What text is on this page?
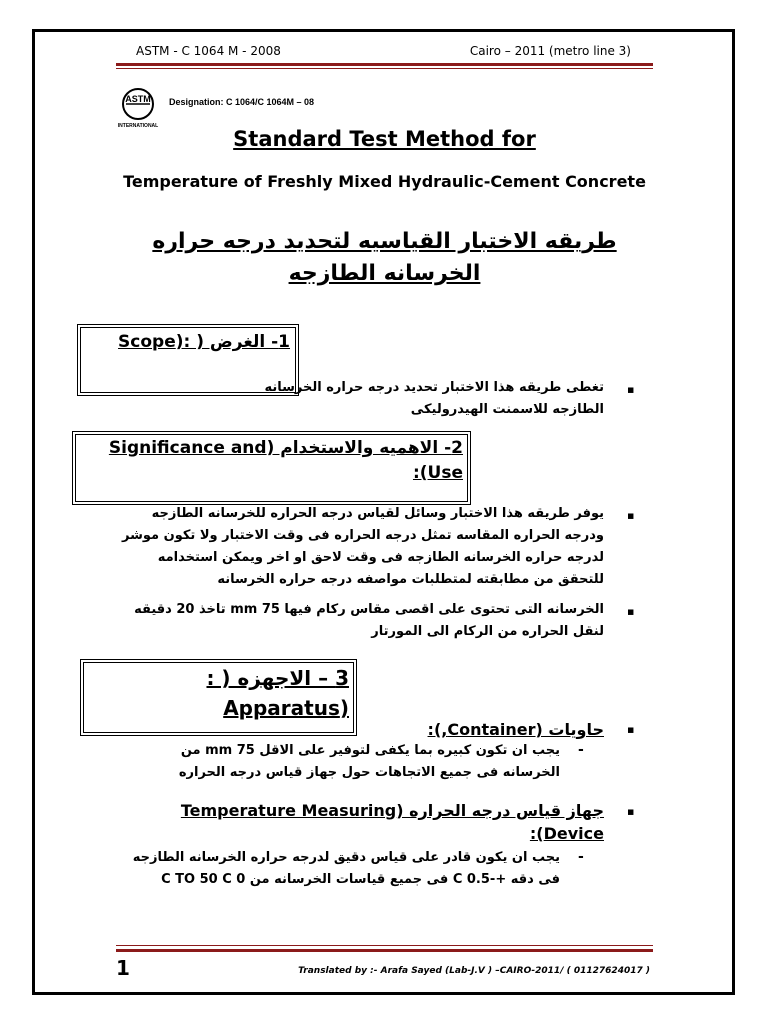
ASTM - C 1064 M - 2008	Cairo – 2011 (metro line 3)
ASTM
INTERNATIONAL
Designation: C 1064/C 1064M – 08
Standard Test Method for
Temperature of Freshly Mixed Hydraulic-Cement Concrete
طريقه الاختبار القياسيه لتحديد درجه حراره الخرسانه الطازجه
1- الغرض ( :(Scope
▪
تغطى طريقه هذا الاختبار تحديد درجه حراره الخرسانه الطازجه للاسمنت الهيدروليكى
2- الاهميه والاستخدام (Significance and Use):
▪
يوفر طريقه هذا الاختبار وسائل لقياس درجه الحراره للخرسانه الطازجه ودرجه الحراره المقاسه تمثل درجه الحراره فى وقت الاختبار ولا تكون موشر لدرجه حراره الخرسانه الطازجه فى وقت لاحق او اخر ويمكن استخدامه للتحقق من مطابقته لمتطلبات مواصفه درجه حراره الخرسانه
▪
الخرسانه التى تحتوى على اقصى مقاس ركام فيها 75 mm تاخذ 20 دقيقه لنقل الحراره من الركام الى المورتار
3 – الاجهزه ( :(Apparatus
▪
حاويات (Container,):
-
يجب ان تكون كبيره بما يكفى لتوفير على الاقل 75 mm من الخرسانه فى جميع الاتجاهات حول جهاز قياس درجه الحراره
▪
جهاز قياس درجه الحراره (Temperature Measuring Device):
-
يجب ان يكون قادر على قياس دقيق لدرجه حراره الخرسانه الطازجه فى دقه +-0.5 C فى جميع قياسات الخرسانه من 0 C TO 50 C
1	Translated by :- Arafa Sayed (Lab-J.V ) –CAIRO-2011/ ( 01127624017 )
